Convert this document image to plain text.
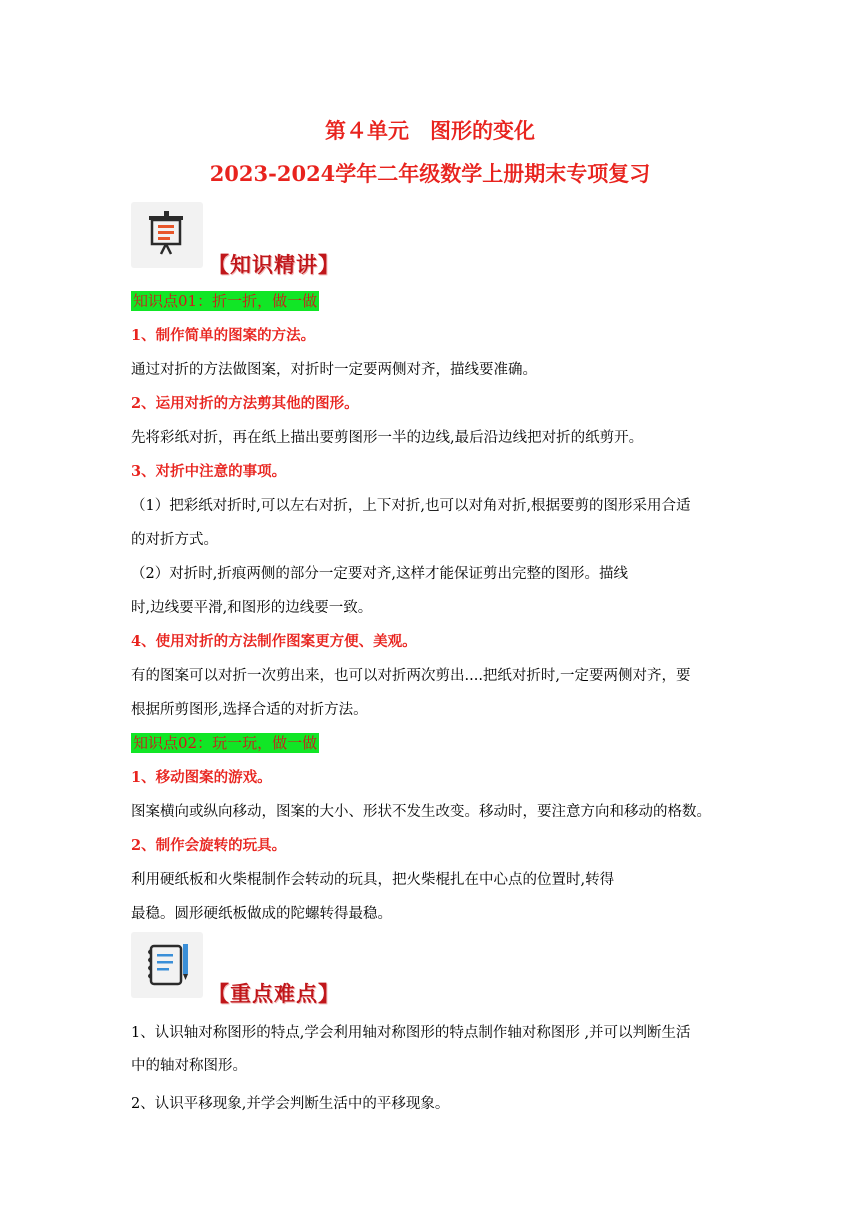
第４单元　图形的变化
2023-2024学年二年级数学上册期末专项复习
【知识精讲】
知识点01：折一折，做一做
1、制作简单的图案的方法。
通过对折的方法做图案，对折时一定要两侧对齐，描线要准确。
2、运用对折的方法剪其他的图形。
先将彩纸对折，再在纸上描出要剪图形一半的边线,最后沿边线把对折的纸剪开。
3、对折中注意的事项。
（1）把彩纸对折时,可以左右对折，上下对折,也可以对角对折,根据要剪的图形采用合适
的对折方式。
（2）对折时,折痕两侧的部分一定要对齐,这样才能保证剪出完整的图形。描线
时,边线要平滑,和图形的边线要一致。
4、使用对折的方法制作图案更方便、美观。
有的图案可以对折一次剪出来，也可以对折两次剪出....把纸对折时,一定要两侧对齐，要
根据所剪图形,选择合适的对折方法。
知识点02：玩一玩，做一做
1、移动图案的游戏。
图案横向或纵向移动，图案的大小、形状不发生改变。移动时，要注意方向和移动的格数。
2、制作会旋转的玩具。
利用硬纸板和火柴棍制作会转动的玩具，把火柴棍扎在中心点的位置时,转得
最稳。圆形硬纸板做成的陀螺转得最稳。
【重点难点】
1、认识轴对称图形的特点,学会利用轴对称图形的特点制作轴对称图形 ,并可以判断生活
中的轴对称图形。
2、认识平移现象,并学会判断生活中的平移现象。
